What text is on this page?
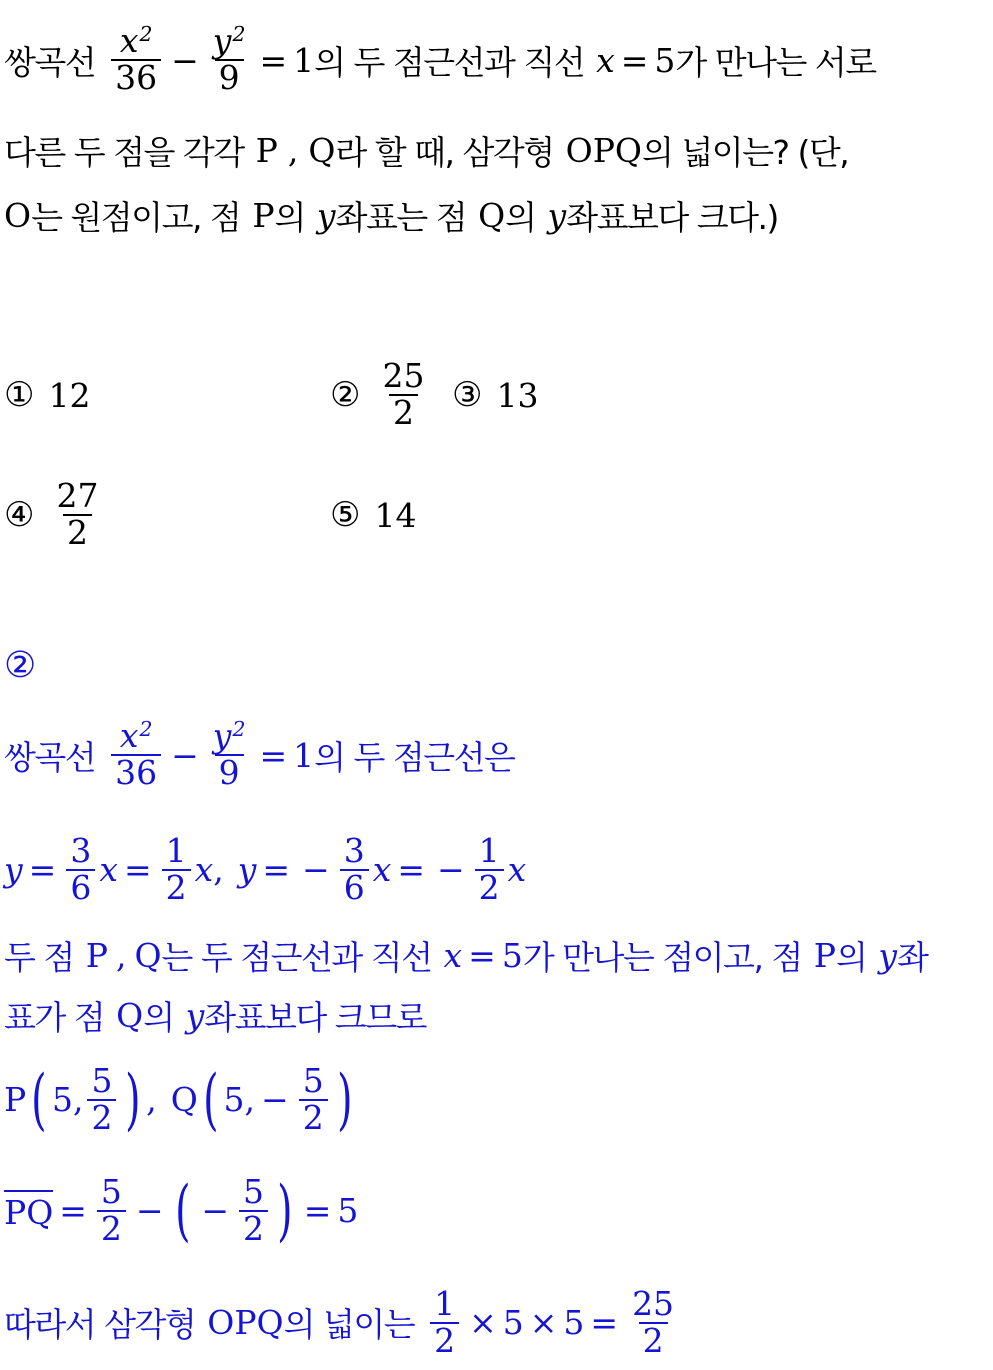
쌍곡선 $\frac{x^2}{36} - \frac{y^2}{9} = 1$ 의 두 점근선과 직선 x = 5 가 만나는 서로
다른 두 점을 각각 P , Q 라 할 때, 삼각형 OPQ 의 넓이는? (단,
O 는 원점이고, 점 P 의 y 좌표는 점 Q 의 y 좌표보다 크다.)
① 12	② $\frac{25}{2}$ ③ 13
④ $\frac{27}{2}$	⑤ 14
②
쌍곡선 $\frac{x^2}{36} - \frac{y^2}{9} = 1$ 의 두 점근선은
$y = \frac{3}{6}$ $x = \frac{1}{2}$ x , y = − $\frac{3}{6}$ x = − $\frac{1}{2}$ x
두 점 P , Q 는 두 점근선과 직선 x = 5 가 만나는 점이고, 점 P 의 y 좌
표가 점 Q 의 y 좌표보다 크므로
P ( 5, $\frac{5}{2}$ ) , Q ( 5, − $\frac{5}{2}$ )
PQ = $\frac{5}{2}$ − ( − $\frac{5}{2}$ ) = 5
따라서 삼각형 OPQ 의 넓이는 $\frac{1}{2} \times 5 \times 5 = \frac{25}{2}$
